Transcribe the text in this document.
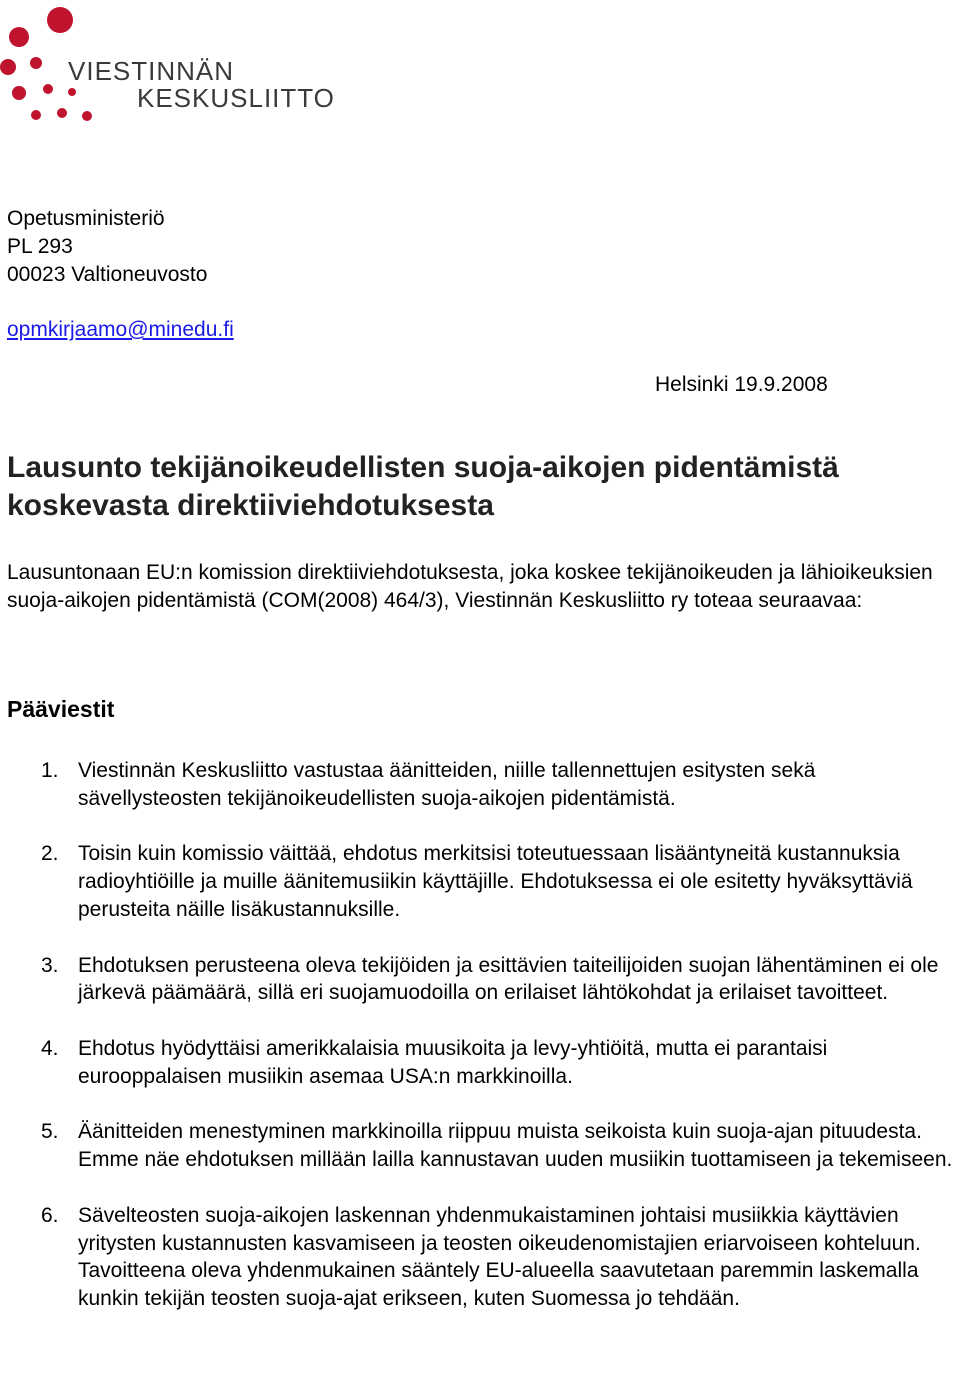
VIESTINNÄN
KESKUSLIITTO
Opetusministeriö
PL 293
00023 Valtioneuvosto
opmkirjaamo@minedu.fi
Helsinki 19.9.2008
Lausunto tekijänoikeudellisten suoja-aikojen pidentämistä koskevasta direktiiviehdotuksesta

Lausuntonaan EU:n komission direktiiviehdotuksesta, joka koskee tekijänoikeuden ja lähioikeuksien suoja-aikojen pidentämistä (COM(2008) 464/3), Viestinnän Keskusliitto ry toteaa seuraavaa:

Pääviestit
1. Viestinnän Keskusliitto vastustaa äänitteiden, niille tallennettujen esitysten sekä sävellysteosten tekijänoikeudellisten suoja-aikojen pidentämistä.
2. Toisin kuin komissio väittää, ehdotus merkitsisi toteutuessaan lisääntyneitä kustannuksia radioyhtiöille ja muille äänitemusiikin käyttäjille. Ehdotuksessa ei ole esitetty hyväksyttäviä perusteita näille lisäkustannuksille.
3. Ehdotuksen perusteena oleva tekijöiden ja esittävien taiteilijoiden suojan lähentäminen ei ole järkevä päämäärä, sillä eri suojamuodoilla on erilaiset lähtökohdat ja erilaiset tavoitteet.
4. Ehdotus hyödyttäisi amerikkalaisia muusikoita ja levy-yhtiöitä, mutta ei parantaisi eurooppalaisen musiikin asemaa USA:n markkinoilla.
5. Äänitteiden menestyminen markkinoilla riippuu muista seikoista kuin suoja-ajan pituudesta. Emme näe ehdotuksen millään lailla kannustavan uuden musiikin tuottamiseen ja tekemiseen.
6. Sävelteosten suoja-aikojen laskennan yhdenmukaistaminen johtaisi musiikkia käyttävien yritysten kustannusten kasvamiseen ja teosten oikeudenomistajien eriarvoiseen kohteluun. Tavoitteena oleva yhdenmukainen sääntely EU-alueella saavutetaan paremmin laskemalla kunkin tekijän teosten suoja-ajat erikseen, kuten Suomessa jo tehdään.
